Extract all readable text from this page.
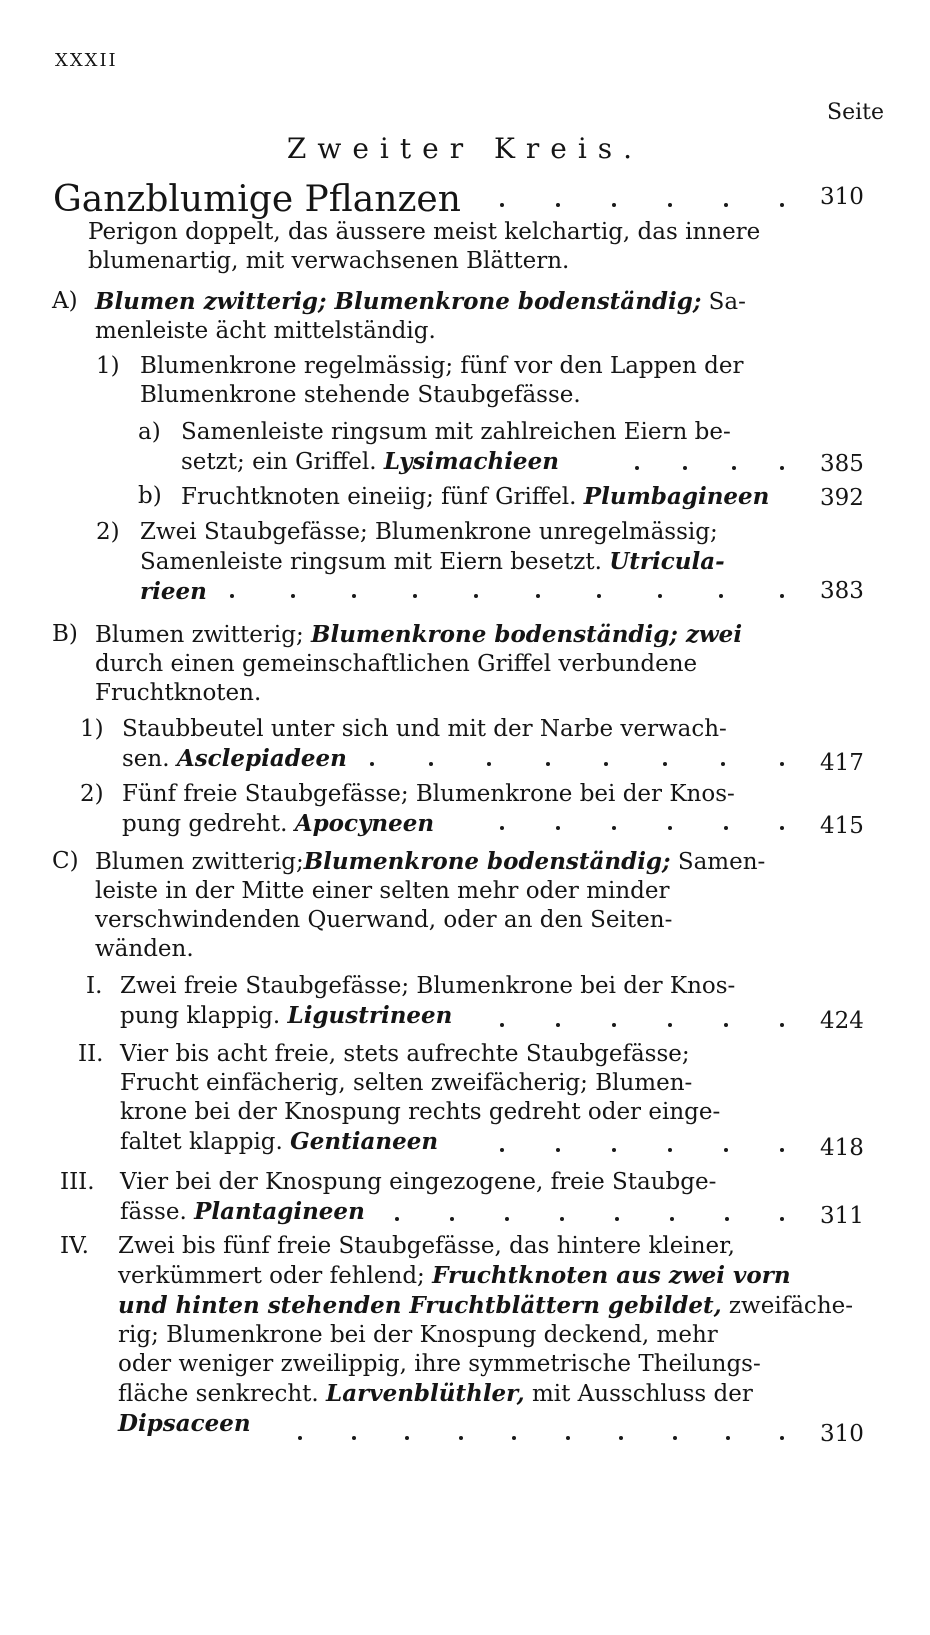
XXXII
Seite
Zweiter Kreis.
Ganzblumige Pflanzen	310
Perigon doppelt, das äussere meist kelchartig, das innere
blumenartig, mit verwachsenen Blättern.
A) Blumen zwitterig; Blumenkrone bodenständig; Sa-
menleiste ächt mittelständig.
1) Blumenkrone regelmässig; fünf vor den Lappen der
Blumenkrone stehende Staubgefässe.
a) Samenleiste ringsum mit zahlreichen Eiern be-
setzt; ein Griffel. Lysimachieen	385
b) Fruchtknoten eineiig; fünf Griffel. Plumbagineen 392
2) Zwei Staubgefässe; Blumenkrone unregelmässig;
Samenleiste ringsum mit Eiern besetzt. Utricula-
rieen	383
B) Blumen zwitterig; Blumenkrone bodenständig; zwei
durch einen gemeinschaftlichen Griffel verbundene
Fruchtknoten.
1) Staubbeutel unter sich und mit der Narbe verwach-
sen. Asclepiadeen	417
2) Fünf freie Staubgefässe; Blumenkrone bei der Knos-
pung gedreht. Apocyneen	415
C) Blumen zwitterig;Blumenkrone bodenständig; Samen-
leiste in der Mitte einer selten mehr oder minder
verschwindenden Querwand, oder an den Seiten-
wänden.
I. Zwei freie Staubgefässe; Blumenkrone bei der Knos-
pung klappig. Ligustrineen	424
II. Vier bis acht freie, stets aufrechte Staubgefässe;
Frucht einfächerig, selten zweifächerig; Blumen-
krone bei der Knospung rechts gedreht oder einge-
faltet klappig. Gentianeen	418
III. Vier bei der Knospung eingezogene, freie Staubge-
fässe. Plantagineen	311
IV. Zwei bis fünf freie Staubgefässe, das hintere kleiner,
verkümmert oder fehlend; Fruchtknoten aus zwei vorn
und hinten stehenden Fruchtblättern gebildet, zweifäche-
rig; Blumenkrone bei der Knospung deckend, mehr
oder weniger zweilippig, ihre symmetrische Theilungs-
fläche senkrecht. Larvenblüthler, mit Ausschluss der
Dipsaceen	310
